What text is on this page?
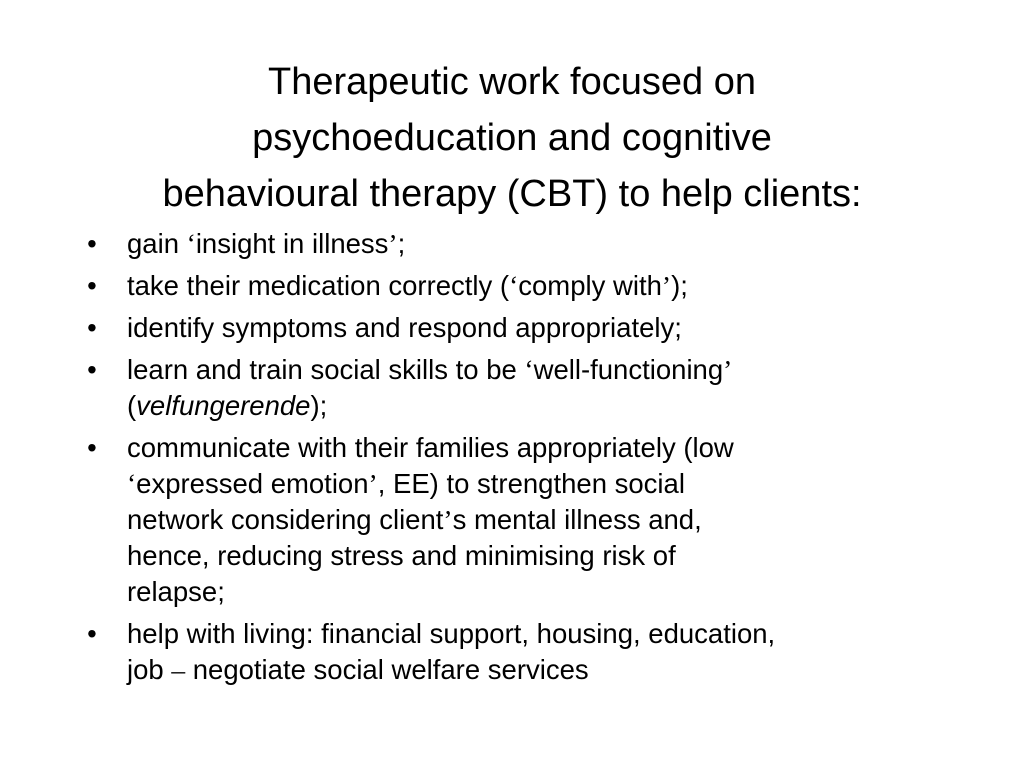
Therapeutic work focused on
psychoeducation and cognitive
behavioural therapy (CBT) to help clients:
• gain ‘insight in illness’;
• take their medication correctly (‘comply with’);
• identify symptoms and respond appropriately;
• learn and train social skills to be ‘well-functioning’
(velfungerende);
• communicate with their families appropriately (low
‘expressed emotion’, EE) to strengthen social
network considering client’s mental illness and,
hence, reducing stress and minimising risk of
relapse;
• help with living: financial support, housing, education,
job – negotiate social welfare services
